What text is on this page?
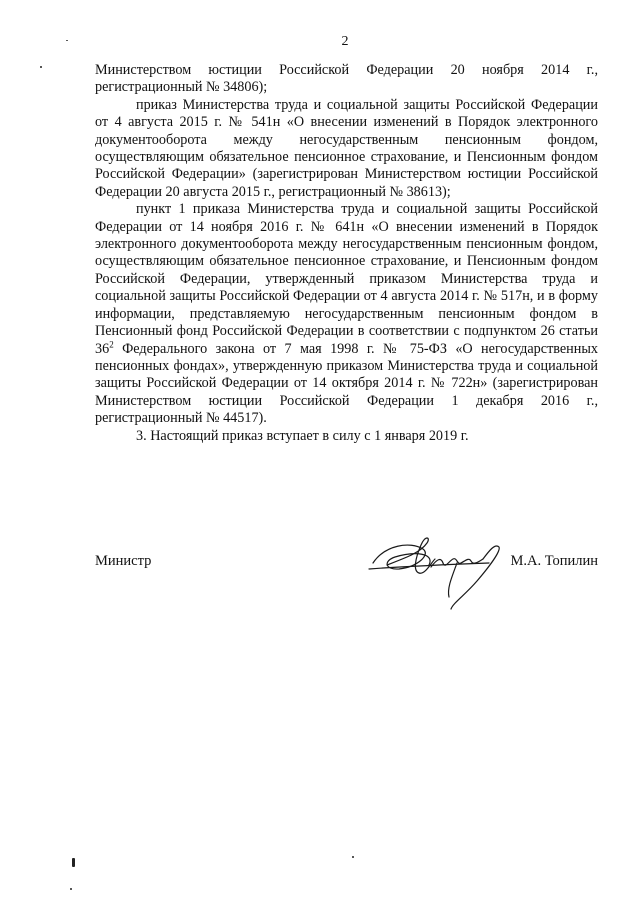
2

Министерством юстиции Российской Федерации 20 ноября 2014 г., регистрационный № 34806);

приказ Министерства труда и социальной защиты Российской Федерации от 4 августа 2015 г. № 541н «О внесении изменений в Порядок электронного документооборота между негосударственным пенсионным фондом, осуществляющим обязательное пенсионное страхование, и Пенсионным фондом Российской Федерации» (зарегистрирован Министерством юстиции Российской Федерации 20 августа 2015 г., регистрационный № 38613);

пункт 1 приказа Министерства труда и социальной защиты Российской Федерации от 14 ноября 2016 г. № 641н «О внесении изменений в Порядок электронного документооборота между негосударственным пенсионным фондом, осуществляющим обязательное пенсионное страхование, и Пенсионным фондом Российской Федерации, утвержденный приказом Министерства труда и социальной защиты Российской Федерации от 4 августа 2014 г. № 517н, и в форму информации, представляемую негосударственным пенсионным фондом в Пенсионный фонд Российской Федерации в соответствии с подпунктом 26 статьи $36^2$ Федерального закона от 7 мая 1998 г. № 75-ФЗ «О негосударственных пенсионных фондах», утвержденную приказом Министерства труда и социальной защиты Российской Федерации от 14 октября 2014 г. № 722н» (зарегистрирован Министерством юстиции Российской Федерации 1 декабря 2016 г., регистрационный № 44517).

3. Настоящий приказ вступает в силу с 1 января 2019 г.

Министр	М.А. Топилин
